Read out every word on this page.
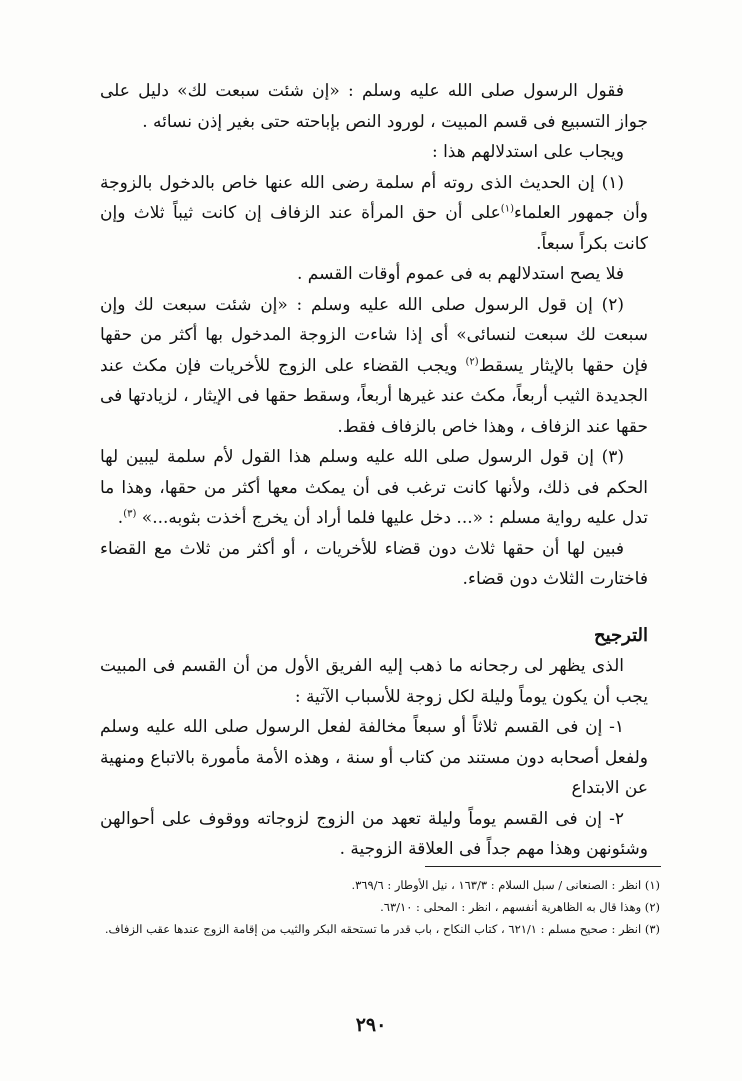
فقول الرسول صلى الله عليه وسلم : «إن شئت سبعت لك» دليل على جواز التسبيع فى قسم المبيت ، لورود النص بإباحته حتى بغير إذن نسائه .

ويجاب على استدلالهم هذا :

(١) إن الحديث الذى روته أم سلمة رضى الله عنها خاص بالدخول بالزوجة وأن جمهور العلماء$^{(١)}$على أن حق المرأة عند الزفاف إن كانت ثيباً ثلاث وإن كانت بكراً سبعاً.

فلا يصح استدلالهم به فى عموم أوقات القسم .

(٢) إن قول الرسول صلى الله عليه وسلم : «إن شئت سبعت لك وإن سبعت لك سبعت لنسائى» أى إذا شاءت الزوجة المدخول بها أكثر من حقها فإن حقها بالإيثار يسقط$^{(٢)}$ ويجب القضاء على الزوج للأخريات فإن مكث عند الجديدة الثيب أربعاً، مكث عند غيرها أربعاً، وسقط حقها فى الإيثار ، لزيادتها فى حقها عند الزفاف ، وهذا خاص بالزفاف فقط.

(٣) إن قول الرسول صلى الله عليه وسلم هذا القول لأم سلمة ليبين لها الحكم فى ذلك، ولأنها كانت ترغب فى أن يمكث معها أكثر من حقها، وهذا ما تدل عليه رواية مسلم : «... دخل عليها فلما أراد أن يخرج أخذت بثوبه...» $^{(٣)}$.

فبين لها أن حقها ثلاث دون قضاء للأخريات ، أو أكثر من ثلاث مع القضاء فاختارت الثلاث دون قضاء.

الترجيح

الذى يظهر لى رجحانه ما ذهب إليه الفريق الأول من أن القسم فى المبيت يجب أن يكون يوماً وليلة لكل زوجة للأسباب الآتية :

١- إن فى القسم ثلاثاً أو سبعاً مخالفة لفعل الرسول صلى الله عليه وسلم ولفعل أصحابه دون مستند من كتاب أو سنة ، وهذه الأمة مأمورة بالاتباع ومنهية عن الابتداع

٢- إن فى القسم يوماً وليلة تعهد من الزوج لزوجاته ووقوف على أحوالهن وشئونهن وهذا مهم جداً فى العلاقة الزوجية .

(١) انظر : الصنعانى / سبل السلام : ١٦٣/٣ ، نيل الأوطار : ٣٦٩/٦.

(٢) وهذا قال به الظاهرية أنفسهم ، انظر : المحلى : ٦٣/١٠.

(٣) انظر : صحيح مسلم : ٦٢١/١ ، كتاب النكاح ، باب قدر ما تستحقه البكر والثيب من إقامة الزوج عندها عقب الزفاف.

٢٩٠
